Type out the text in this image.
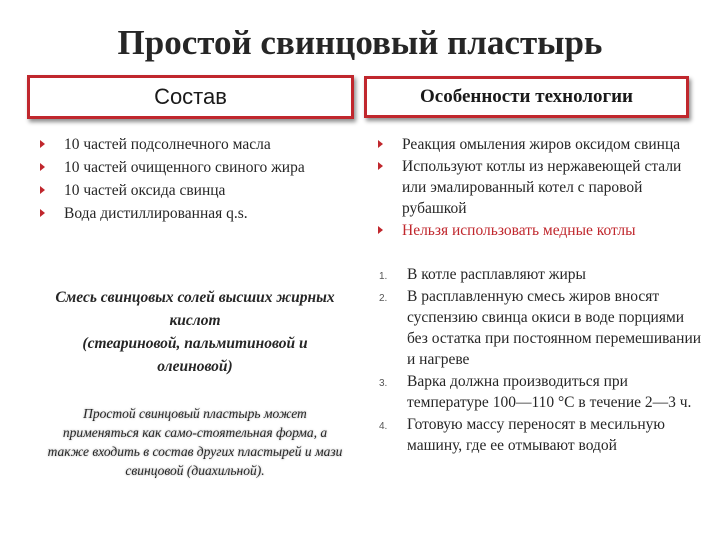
Простой свинцовый пластырь
Состав	Особенности технологии
10 частей подсолнечного масла
10 частей очищенного свиного жира
10 частей оксида свинца
Вода дистиллированная q.s.
Смесь свинцовых солей высших жирных кислот
(стеариновой, пальмитиновой и олеиновой)
Простой свинцовый пластырь может применяться как само-стоятельная форма, а также входить в состав других пластырей и мази свинцовой (диахильной).
Реакция омыления жиров оксидом свинца
Используют котлы из нержавеющей стали или эмалированный котел с паровой рубашкой
Нельзя использовать медные котлы
1. В котле расплавляют жиры
2. В расплавленную смесь жиров вносят суспензию свинца окиси в воде порциями без остатка при постоянном перемешивании и нагреве
3. Варка должна производиться при температуре 100—110 °С в течение 2—3 ч.
4. Готовую массу переносят в месильную машину, где ее отмывают водой
